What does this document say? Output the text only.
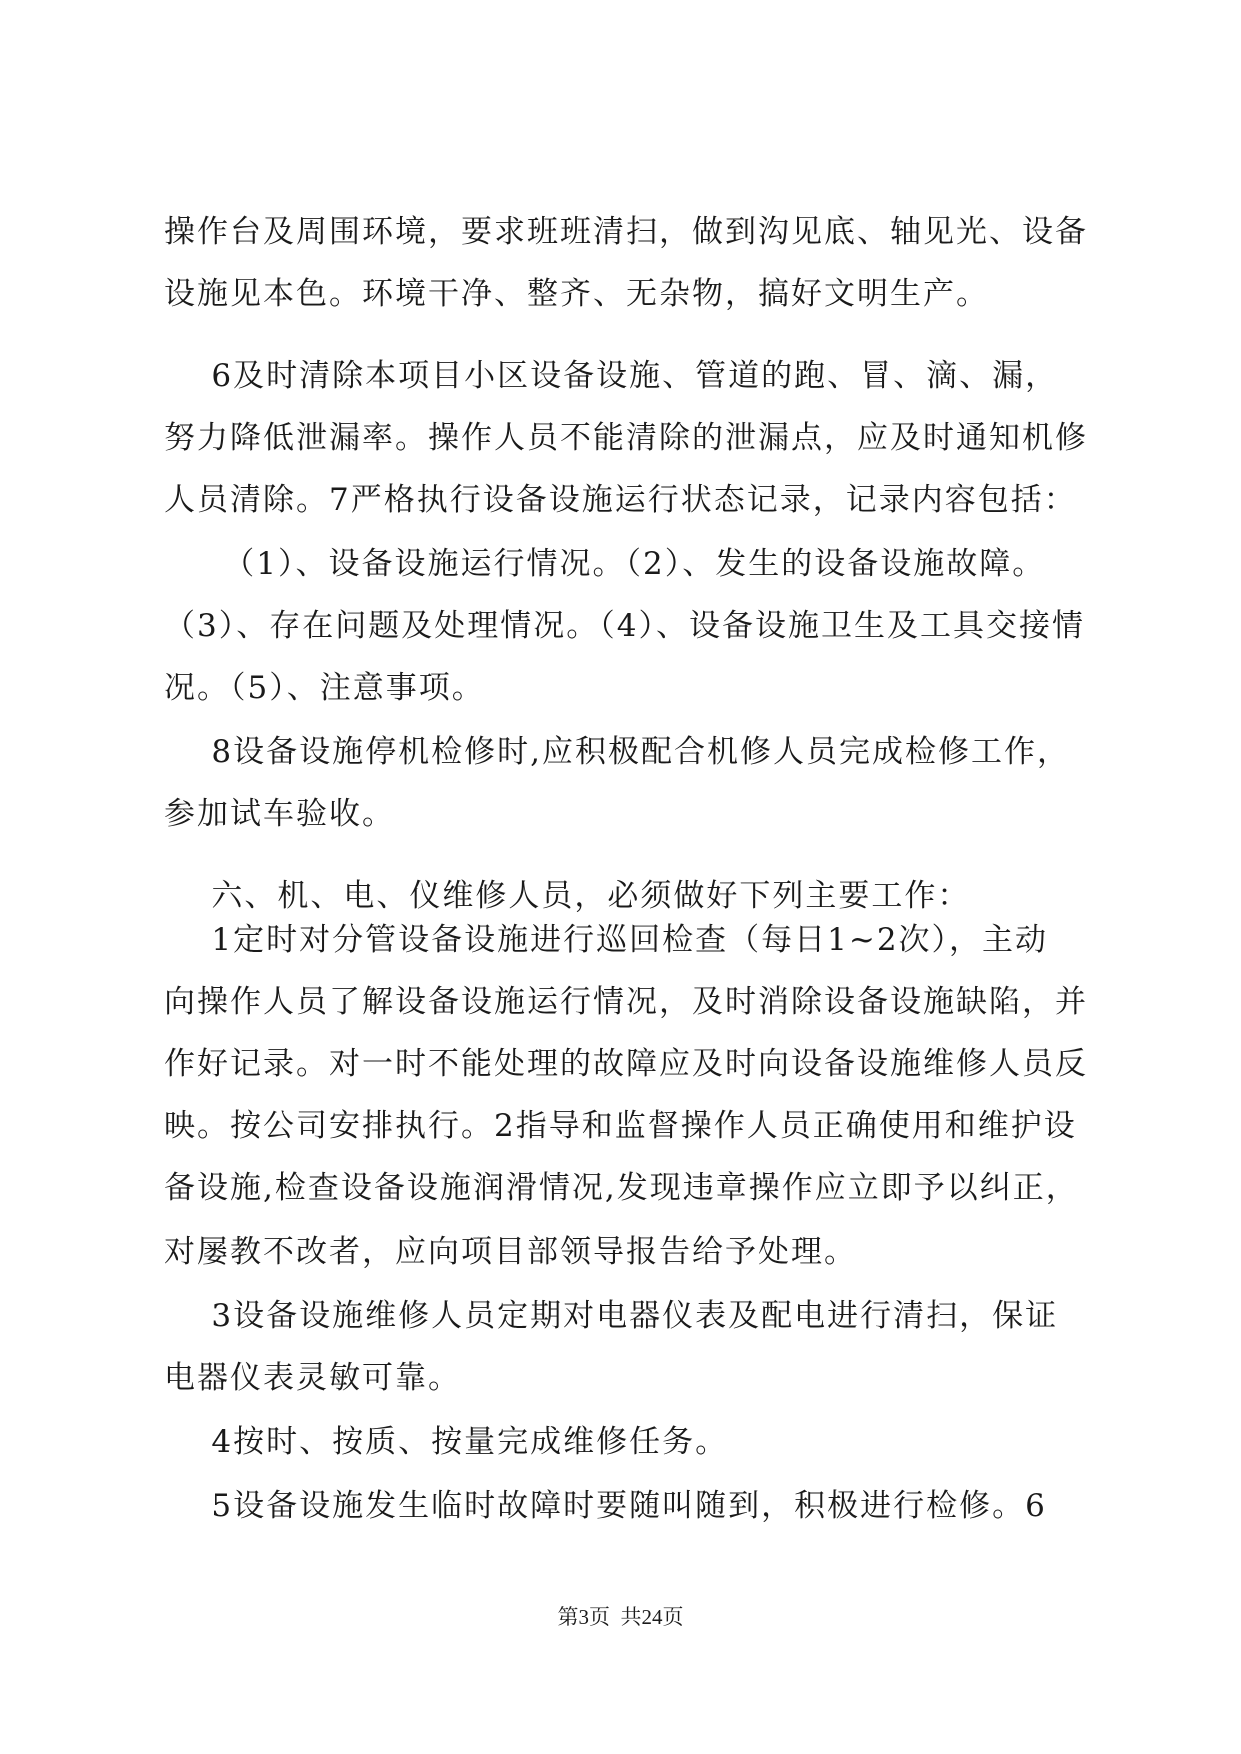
操作台及周围环境，要求班班清扫，做到沟见底、轴见光、设备
设施见本色。环境干净、整齐、无杂物，搞好文明生产。
6及时清除本项目小区设备设施、管道的跑、冒、滴、漏，
努力降低泄漏率。操作人员不能清除的泄漏点，应及时通知机修
人员清除。7严格执行设备设施运行状态记录，记录内容包括：
（1）、设备设施运行情况。（2）、发生的设备设施故障。
（3）、存在问题及处理情况。（4）、设备设施卫生及工具交接情
况。（5）、注意事项。
8设备设施停机检修时,应积极配合机修人员完成检修工作，
参加试车验收。
六、机、电、仪维修人员，必须做好下列主要工作：
1定时对分管设备设施进行巡回检查（每日1~2次），主动
向操作人员了解设备设施运行情况，及时消除设备设施缺陷，并
作好记录。对一时不能处理的故障应及时向设备设施维修人员反
映。按公司安排执行。2指导和监督操作人员正确使用和维护设
备设施,检查设备设施润滑情况,发现违章操作应立即予以纠正，
对屡教不改者，应向项目部领导报告给予处理。
3设备设施维修人员定期对电器仪表及配电进行清扫，保证
电器仪表灵敏可靠。
4按时、按质、按量完成维修任务。
5设备设施发生临时故障时要随叫随到，积极进行检修。6
第3页  共24页
